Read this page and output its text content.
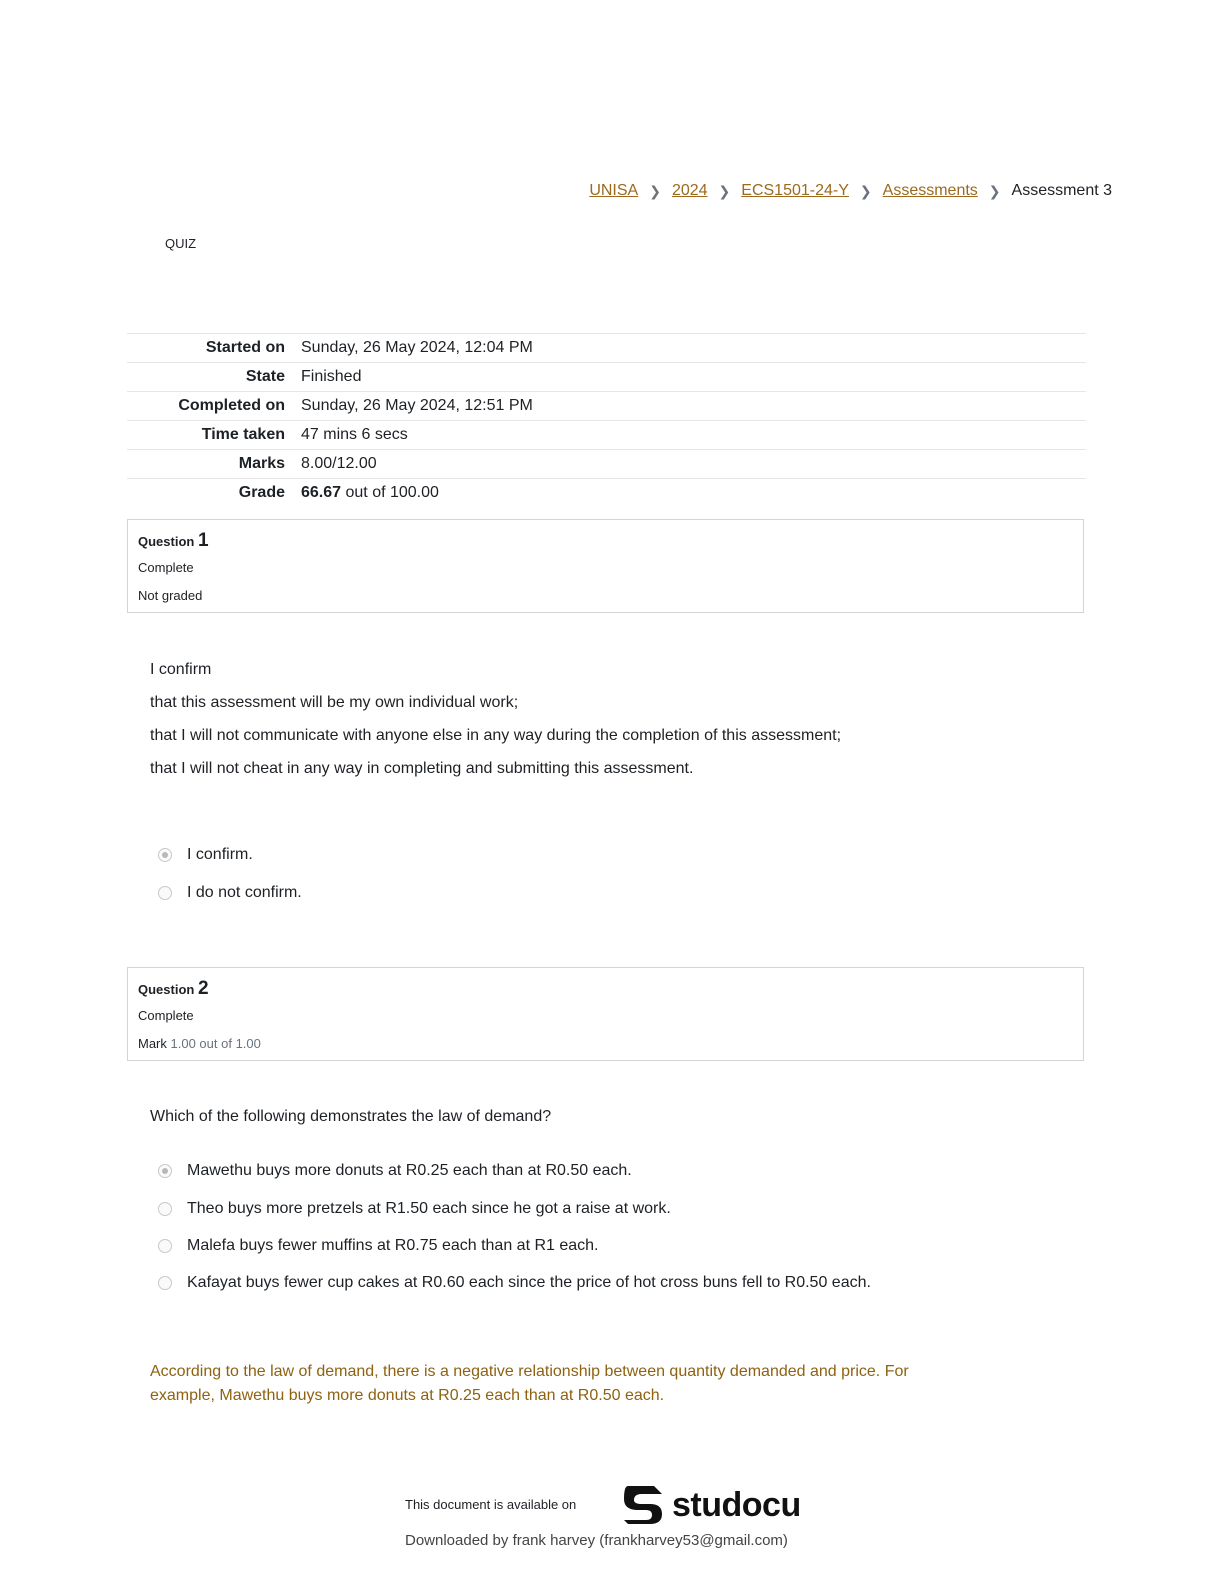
UNISA ❯ 2024 ❯ ECS1501-24-Y ❯ Assessments ❯ Assessment 3
QUIZ
Started on	Sunday, 26 May 2024, 12:04 PM
State	Finished
Completed on	Sunday, 26 May 2024, 12:51 PM
Time taken	47 mins 6 secs
Marks	8.00/12.00
Grade	66.67 out of 100.00
Question 1
Complete
Not graded
I confirm
that this assessment will be my own individual work;
that I will not communicate with anyone else in any way during the completion of this assessment;
that I will not cheat in any way in completing and submitting this assessment.
I confirm.
I do not confirm.
Question 2
Complete
Mark 1.00 out of 1.00
Which of the following demonstrates the law of demand?
Mawethu buys more donuts at R0.25 each than at R0.50 each.
Theo buys more pretzels at R1.50 each since he got a raise at work.
Malefa buys fewer muffins at R0.75 each than at R1 each.
Kafayat buys fewer cup cakes at R0.60 each since the price of hot cross buns fell to R0.50 each.
According to the law of demand, there is a negative relationship between quantity demanded and price. For example, Mawethu buys more donuts at R0.25 each than at R0.50 each.
This document is available on	studocu
Downloaded by frank harvey (frankharvey53@gmail.com)
